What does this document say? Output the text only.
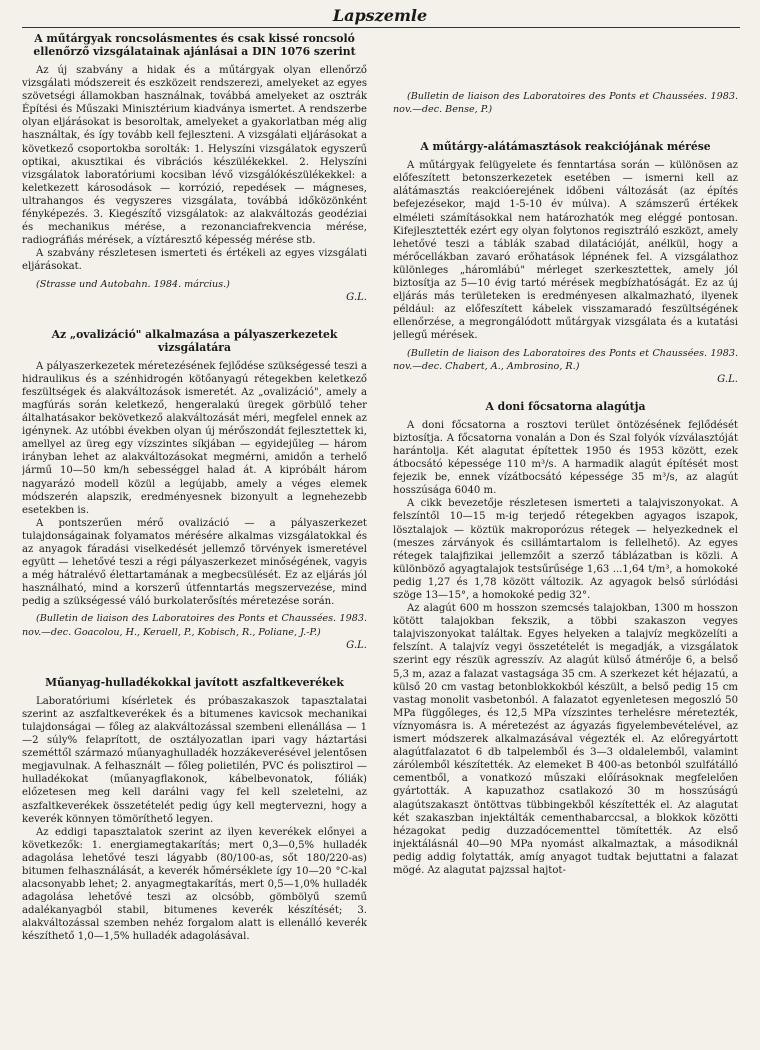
Lapszemle
A műtárgyak roncsolásmentes és csak kissé roncsoló ellenőrző vizsgálatainak ajánlásai a DIN 1076 szerint

Az új szabvány a hidak és a műtárgyak olyan ellenőrző vizsgálati módszereit és eszközeit rendszerezi, amelyeket az egyes szövetségi államokban használnak, továbbá amelyeket az osztrák Építési és Műszaki Minisztérium kiadványa ismertet. A rendszerbe olyan eljárásokat is besoroltak, amelyeket a gyakorlatban még alig használtak, és így tovább kell fejleszteni. A vizsgálati eljárásokat a következő csoportokba sorolták: 1. Helyszíni vizsgálatok egyszerű optikai, akusztikai és vibrációs készülékekkel. 2. Helyszíni vizsgálatok laboratóriumi kocsiban lévő vizsgálókészülékekkel: a keletkezett károsodások — korrózió, repedések — mágneses, ultrahangos és vegyszeres vizsgálata, továbbá időközönként fényképezés. 3. Kiegészítő vizsgálatok: az alakváltozás geodéziai és mechanikus mérése, a rezonanciafrekvencia mérése, radiográfiás mérések, a víztáresztő képesség mérése stb.

A szabvány részletesen ismerteti és értékeli az egyes vizsgálati eljárásokat.

(Strasse und Autobahn. 1984. március.)

G.L.

Az „ovalizáció" alkalmazása a pályaszerkezetek vizsgálatára

A pályaszerkezetek méretezésének fejlődése szükségessé teszi a hidraulikus és a szénhidrogén kötőanyagú rétegekben keletkező feszültségek és alakváltozások ismeretét. Az „ovalizáció", amely a magfúrás során keletkező, hengeralakú üregek görbülő teher általhatásakor bekövetkező alakváltozását méri, megfelel ennek az igénynek. Az utóbbi években olyan új mérőszondát fejlesztettek ki, amellyel az üreg egy vízszintes síkjában — egyidejűleg — három irányban lehet az alakváltozásokat megmérni, amidőn a terhelő jármű 10—50 km/h sebességgel halad át. A kipróbált három nagyarázó modell közül a legújabb, amely a véges elemek módszerén alapszik, eredményesnek bizonyult a legnehezebb esetekben is.

A pontszerűen mérő ovalizáció — a pályaszerkezet tulajdonságainak folyamatos mérésére alkalmas vizsgálatokkal és az anyagok fáradási viselkedését jellemző törvények ismeretével együtt — lehetővé teszi a régi pályaszerkezet minőségének, vagyis a még hátralévő élettartamának a megbecsülését. Ez az eljárás jól használható, mind a korszerű útfenntartás megszervezése, mind pedig a szükségessé váló burkolaterősítés méretezése során.

(Bulletin de liaison des Laboratoires des Ponts et Chaussées. 1983. nov.—dec. Goacolou, H., Keraell, P., Kobisch, R., Poliane, J.-P.)

G.L.

Műanyag-hulladékokkal javított aszfaltkeverékek

Laboratóriumi kísérletek és próbaszakaszok tapasztalatai szerint az aszfaltkeverékek és a bitumenes kavicsok mechanikai tulajdonságai — főleg az alakváltozással szembeni ellenállása — 1—2 súly% felaprított, de osztályozatlan ipari vagy háztartási szeméttől származó műanyaghulladék hozzákeverésével jelentősen megjavulnak. A felhasznált — főleg polietilén, PVC és polisztirol — hulladékokat (műanyagflakonok, kábelbevonatok, fóliák) előzetesen meg kell darálni vagy fel kell szeletelni, az aszfaltkeverékek összetételét pedig úgy kell megtervezni, hogy a keverék könnyen tömöríthető legyen.

Az eddigi tapasztalatok szerint az ilyen keverékek előnyei a következők: 1. energiamegtakarítás; mert 0,3—0,5% hulladék adagolása lehetővé teszi lágyabb (80/100-as, sőt 180/220-as) bitumen felhasználását, a keverék hőmérséklete így 10—20 °C-kal alacsonyabb lehet; 2. anyagmegtakarítás, mert 0,5—1,0% hulladék adagolása lehetővé teszi az olcsóbb, gömbölyű szemű adalékanyagból stabil, bitumenes keverék készítését; 3. alakváltozással szemben nehéz forgalom alatt is ellenálló keverék készíthető 1,0—1,5% hulladék adagolásával.

(Bulletin de liaison des Laboratoires des Ponts et Chaussées. 1983. nov.—dec. Bense, P.)

A műtárgy-alátámasztások reakciójának mérése

A műtárgyak felügyelete és fenntartása során — különösen az előfeszített betonszerkezetek esetében — ismerni kell az alátámasztás reakcióerejének időbeni változását (az építés befejezésekor, majd 1-5-10 év múlva). A számszerű értékek elméleti számításokkal nem határozhatók meg eléggé pontosan. Kifejlesztették ezért egy olyan folytonos regisztráló eszközt, amely lehetővé teszi a táblák szabad dilatációját, anélkül, hogy a mérőcellákban zavaró erőhatások lépnének fel. A vizsgálathoz különleges „háromlábú" mérleget szerkesztettek, amely jól biztosítja az 5—10 évig tartó mérések megbízhatóságát. Ez az új eljárás más területeken is eredményesen alkalmazható, ilyenek például: az előfeszített kábelek visszamaradó feszültségének ellenőrzése, a megrongálódott műtárgyak vizsgálata és a kutatási jellegű mérések.

(Bulletin de liaison des Laboratoires des Ponts et Chaussées. 1983. nov.—dec. Chabert, A., Ambrosino, R.)

G.L.

A doni főcsatorna alagútja

A doni főcsatorna a rosztovi terület öntözésének fejlődését biztosítja. A főcsatorna vonalán a Don és Szal folyók vízválasztóját harántolja. Két alagutat építettek 1950 és 1953 között, ezek átbocsátó képessége 110 m³/s. A harmadik alagút építését most fejezik be, ennek vízátbocsátó képessége 35 m³/s, az alagút hosszúsága 6040 m.

A cikk bevezetője részletesen ismerteti a talajviszonyokat. A felszíntől 10—15 m-ig terjedő rétegekben agyagos iszapok, lösztalajok — köztük makroporózus rétegek — helyezkednek el (meszes zárványok és csillámtartalom is fellelhető). Az egyes rétegek talajfizikai jellemzőit a szerző táblázatban is közli. A különböző agyagtalajok testsűrűsége 1,63 ...1,64 t/m³, a homokoké pedig 1,27 és 1,78 között változik. Az agyagok belső súrlódási szöge 13—15°, a homokoké pedig 32°.

Az alagút 600 m hosszon szemcsés talajokban, 1300 m hosszon kötött talajokban fekszik, a többi szakaszon vegyes talajviszonyokat találtak. Egyes helyeken a talajvíz megközelíti a felszínt. A talajvíz vegyi összetételét is megadják, a vizsgálatok szerint egy részük agresszív. Az alagút külső átmérője 6, a belső 5,3 m, azaz a falazat vastagsága 35 cm. A szerkezet két héjazatú, a külső 20 cm vastag betonblokkokból készült, a belső pedig 15 cm vastag monolit vasbetonból. A falazatot egyenletesen megoszló 50 MPa függőleges, és 12,5 MPa vízszintes terhelésre méretezték, víznyomásra is. A méretezést az ágyazás figyelembevételével, az ismert módszerek alkalmazásával végezték el. Az előregyártott alagútfalazatot 6 db talpelemből és 3—3 oldalelemből, valamint zárólemből készítették. Az elemeket B 400-as betonból szulfátálló cementből, a vonatkozó műszaki előírásoknak megfelelően gyártották. A kapuzathoz csatlakozó 30 m hosszúságú alagútszakaszt öntöttvas tübbingekből készítették el. Az alagutat két szakaszban injektálták cementhabarccsal, a blokkok közötti hézagokat pedig duzzadócementtel tömítették. Az első injektálásnál 40—90 MPa nyomást alkalmaztak, a másodiknál pedig addig folytatták, amíg anyagot tudtak bejuttatni a falazat mögé. Az alagutat pajzssal hajtot-
